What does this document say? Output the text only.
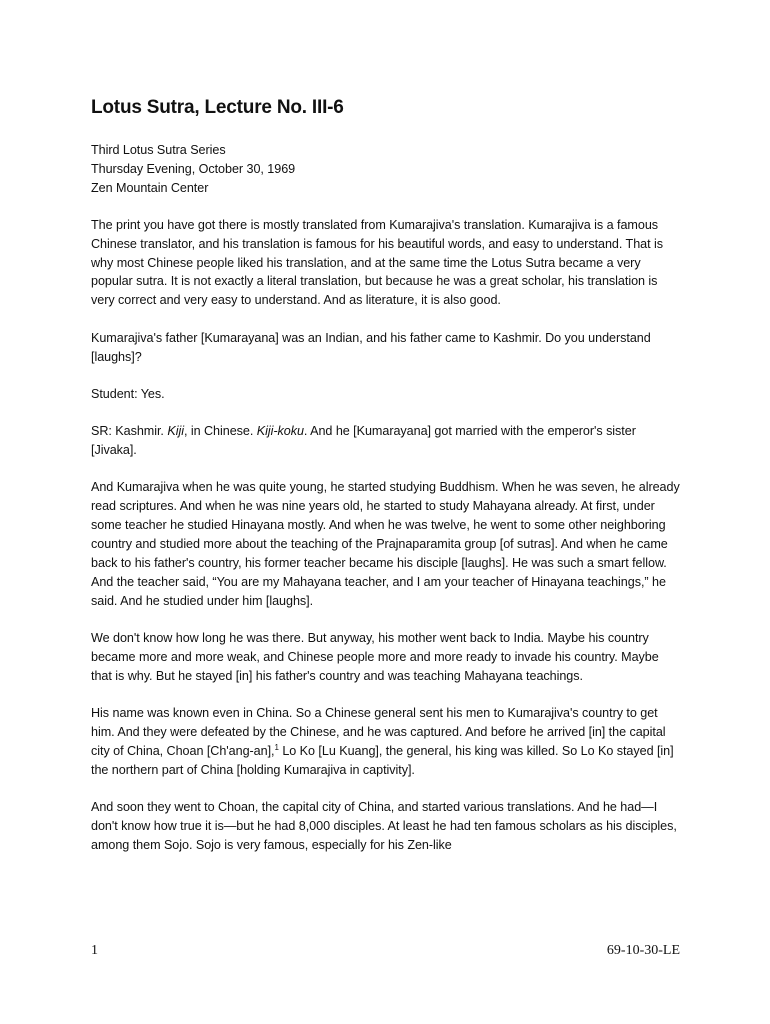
Lotus Sutra, Lecture No. III-6

Third Lotus Sutra Series

Thursday Evening, October 30, 1969

Zen Mountain Center

The print you have got there is mostly translated from Kumarajiva's translation. Kumarajiva is a famous Chinese translator, and his translation is famous for his beautiful words, and easy to understand. That is why most Chinese people liked his translation, and at the same time the Lotus Sutra became a very popular sutra. It is not exactly a literal translation, but because he was a great scholar, his translation is very correct and very easy to understand. And as literature, it is also good.

Kumarajiva's father [Kumarayana] was an Indian, and his father came to Kashmir. Do you understand [laughs]?

Student: Yes.

SR: Kashmir. Kiji, in Chinese. Kiji-koku. And he [Kumarayana] got married with the emperor's sister [Jivaka].

And Kumarajiva when he was quite young, he started studying Buddhism. When he was seven, he already read scriptures. And when he was nine years old, he started to study Mahayana already. At first, under some teacher he studied Hinayana mostly. And when he was twelve, he went to some other neighboring country and studied more about the teaching of the Prajnaparamita group [of sutras]. And when he came back to his father's country, his former teacher became his disciple [laughs]. He was such a smart fellow. And the teacher said, “You are my Mahayana teacher, and I am your teacher of Hinayana teachings,” he said. And he studied under him [laughs].

We don't know how long he was there. But anyway, his mother went back to India. Maybe his country became more and more weak, and Chinese people more and more ready to invade his country. Maybe that is why. But he stayed [in] his father's country and was teaching Mahayana teachings.

His name was known even in China. So a Chinese general sent his men to Kumarajiva's country to get him. And they were defeated by the Chinese, and he was captured. And before he arrived [in] the capital city of China, Choan [Ch'ang-an],$^1$ Lo Ko [Lu Kuang], the general, his king was killed. So Lo Ko stayed [in] the northern part of China [holding Kumarajiva in captivity].

And soon they went to Choan, the capital city of China, and started various translations. And he had—I don't know how true it is—but he had 8,000 disciples. At least he had ten famous scholars as his disciples, among them Sojo. Sojo is very famous, especially for his Zen-like

1	69-10-30-LE
